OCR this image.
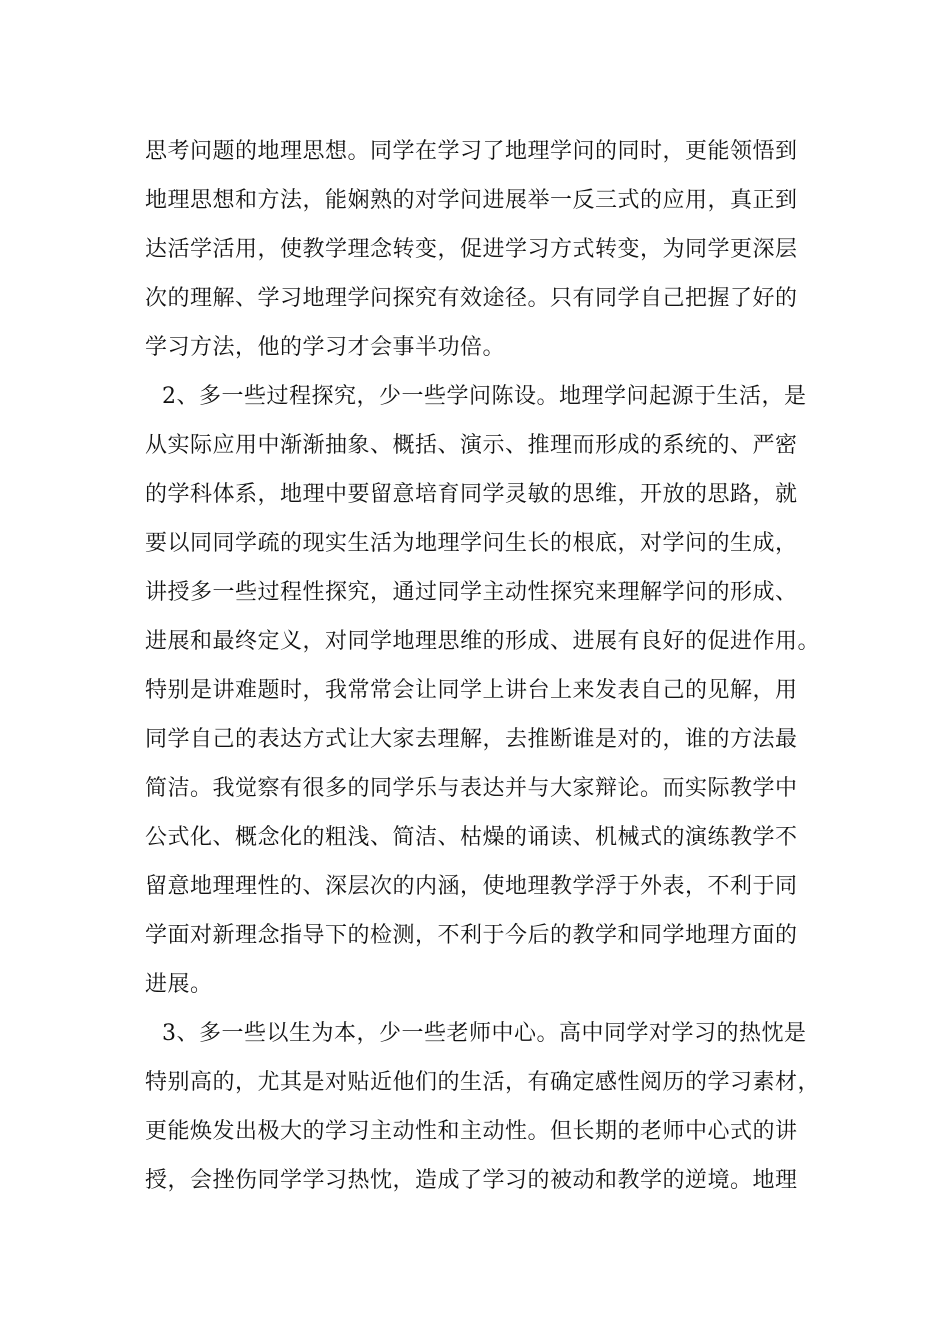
思考问题的地理思想。同学在学习了地理学问的同时，更能领悟到
地理思想和方法，能娴熟的对学问进展举一反三式的应用，真正到
达活学活用，使教学理念转变，促进学习方式转变，为同学更深层
次的理解、学习地理学问探究有效途径。只有同学自己把握了好的
学习方法，他的学习才会事半功倍。
2、多一些过程探究，少一些学问陈设。地理学问起源于生活，是
从实际应用中渐渐抽象、概括、演示、推理而形成的系统的、严密
的学科体系，地理中要留意培育同学灵敏的思维，开放的思路，就
要以同同学疏的现实生活为地理学问生长的根底，对学问的生成，
讲授多一些过程性探究，通过同学主动性探究来理解学问的形成、
进展和最终定义，对同学地理思维的形成、进展有良好的促进作用。
特别是讲难题时，我常常会让同学上讲台上来发表自己的见解，用
同学自己的表达方式让大家去理解，去推断谁是对的，谁的方法最
简洁。我觉察有很多的同学乐与表达并与大家辩论。而实际教学中
公式化、概念化的粗浅、简洁、枯燥的诵读、机械式的演练教学不
留意地理理性的、深层次的内涵，使地理教学浮于外表，不利于同
学面对新理念指导下的检测，不利于今后的教学和同学地理方面的
进展。
3、多一些以生为本，少一些老师中心。高中同学对学习的热忱是
特别高的，尤其是对贴近他们的生活，有确定感性阅历的学习素材，
更能焕发出极大的学习主动性和主动性。但长期的老师中心式的讲
授，会挫伤同学学习热忱，造成了学习的被动和教学的逆境。地理
